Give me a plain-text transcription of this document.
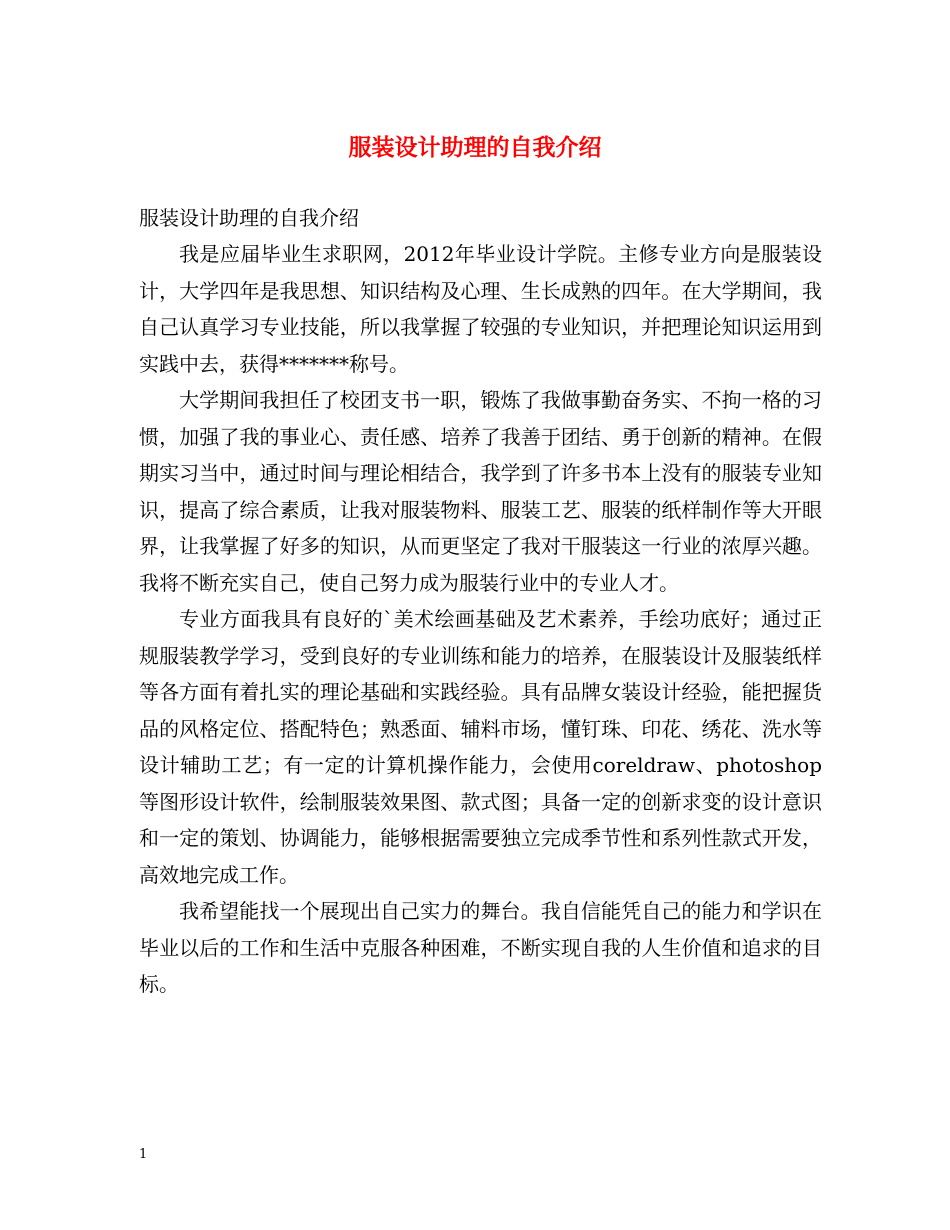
服装设计助理的自我介绍

服装设计助理的自我介绍

我是应届毕业生求职网，2012年毕业设计学院。主修专业方向是服装设计，大学四年是我思想、知识结构及心理、生长成熟的四年。在大学期间，我自己认真学习专业技能，所以我掌握了较强的专业知识，并把理论知识运用到实践中去，获得*******称号。

大学期间我担任了校团支书一职，锻炼了我做事勤奋务实、不拘一格的习惯，加强了我的事业心、责任感、培养了我善于团结、勇于创新的精神。在假期实习当中，通过时间与理论相结合，我学到了许多书本上没有的服装专业知识，提高了综合素质，让我对服装物料、服装工艺、服装的纸样制作等大开眼界，让我掌握了好多的知识，从而更坚定了我对干服装这一行业的浓厚兴趣。我将不断充实自己，使自己努力成为服装行业中的专业人才。

专业方面我具有良好的`美术绘画基础及艺术素养，手绘功底好；通过正规服装教学学习，受到良好的专业训练和能力的培养，在服装设计及服装纸样等各方面有着扎实的理论基础和实践经验。具有品牌女装设计经验，能把握货品的风格定位、搭配特色；熟悉面、辅料市场，懂钉珠、印花、绣花、洗水等设计辅助工艺；有一定的计算机操作能力，会使用coreldraw、photoshop等图形设计软件，绘制服装效果图、款式图；具备一定的创新求变的设计意识和一定的策划、协调能力，能够根据需要独立完成季节性和系列性款式开发，高效地完成工作。

我希望能找一个展现出自己实力的舞台。我自信能凭自己的能力和学识在毕业以后的工作和生活中克服各种困难，不断实现自我的人生价值和追求的目标。

1
